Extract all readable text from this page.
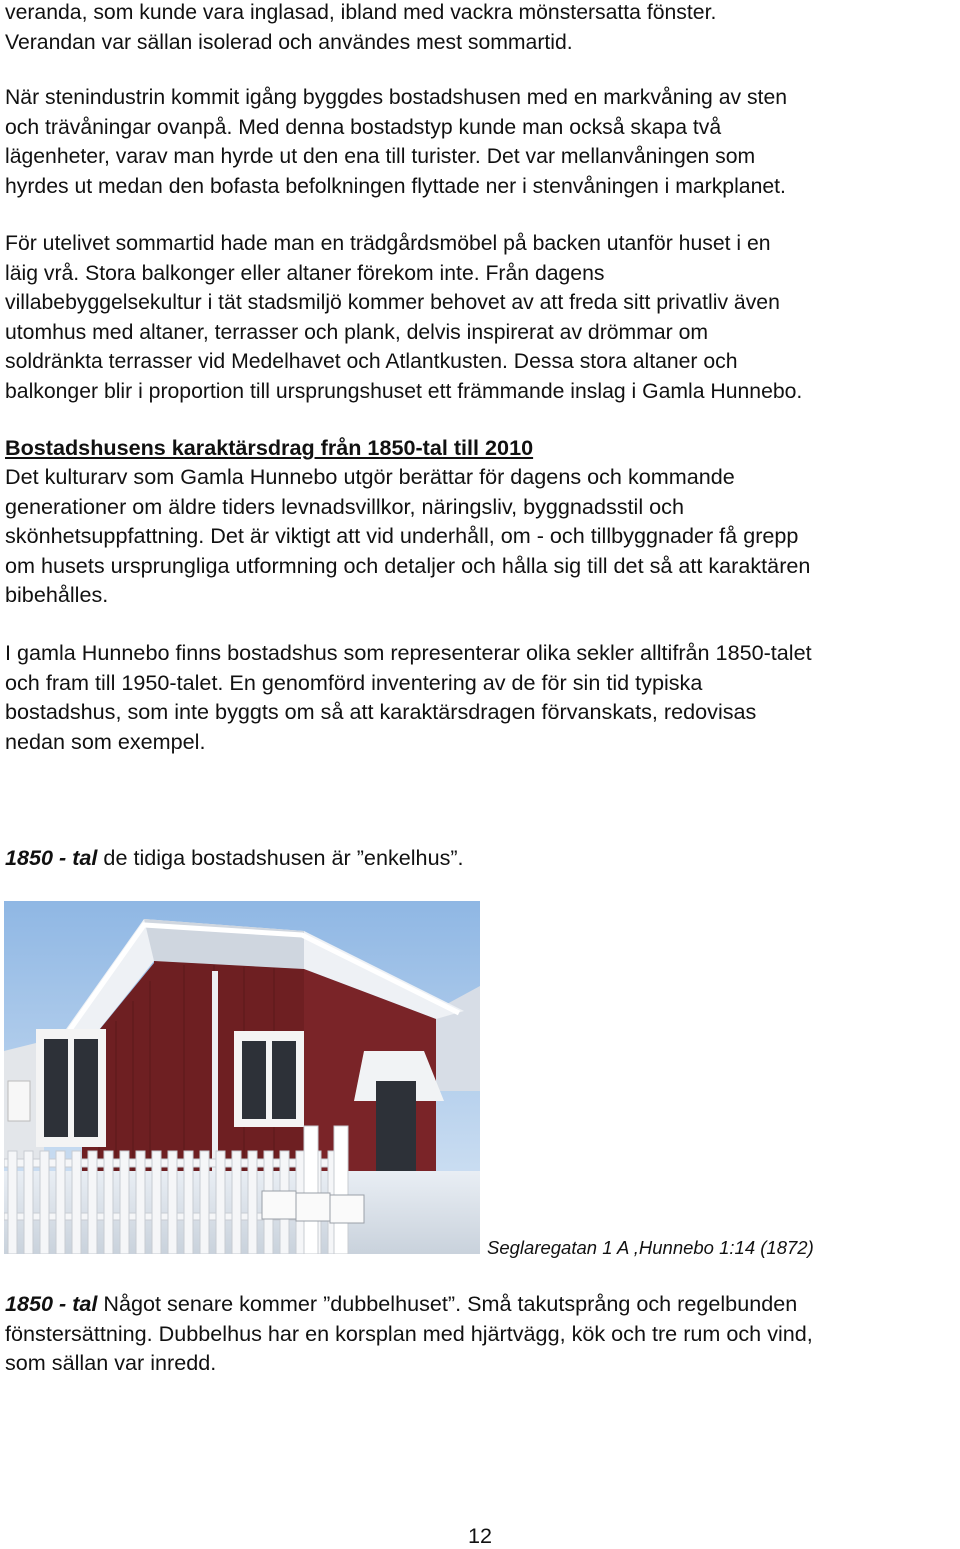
veranda, som kunde vara inglasad, ibland med vackra mönstersatta fönster.
Verandan var sällan isolerad och användes mest sommartid.

När stenindustrin kommit igång byggdes bostadshusen med en markvåning av sten
och trävåningar ovanpå. Med denna bostadstyp kunde man också skapa två
lägenheter, varav man hyrde ut den ena till turister. Det var mellanvåningen som
hyrdes ut medan den bofasta befolkningen flyttade ner i stenvåningen i markplanet.

För utelivet sommartid hade man en trädgårdsmöbel på backen utanför huset i en
läig vrå. Stora balkonger eller altaner förekom inte. Från dagens
villabebyggelsekultur i tät stadsmiljö kommer behovet av att freda sitt privatliv även
utomhus med altaner, terrasser och plank, delvis inspirerat av drömmar om
soldränkta terrasser vid Medelhavet och Atlantkusten. Dessa stora altaner och
balkonger blir i proportion till ursprungshuset ett främmande inslag i Gamla Hunnebo.

Bostadshusens karaktärsdrag från 1850-tal till 2010

Det kulturarv som Gamla Hunnebo utgör berättar för dagens och kommande
generationer om äldre tiders levnadsvillkor, näringsliv, byggnadsstil och
skönhetsuppfattning. Det är viktigt att vid underhåll, om - och tillbyggnader få grepp
om husets ursprungliga utformning och detaljer och hålla sig till det så att karaktären
bibehålles.

I gamla Hunnebo finns bostadshus som representerar olika sekler alltifrån 1850-talet
och fram till 1950-talet. En genomförd inventering av de för sin tid typiska
bostadshus, som inte byggts om så att karaktärsdragen förvanskats, redovisas
nedan som exempel.

1850 - tal de tidiga bostadshusen är ”enkelhus”.

Seglaregatan 1 A ,Hunnebo 1:14 (1872)

1850 - tal Något senare kommer ”dubbelhuset”. Små takutsprång och regelbunden
fönstersättning. Dubbelhus har en korsplan med hjärtvägg, kök och tre rum och vind,
som sällan var inredd.

12
